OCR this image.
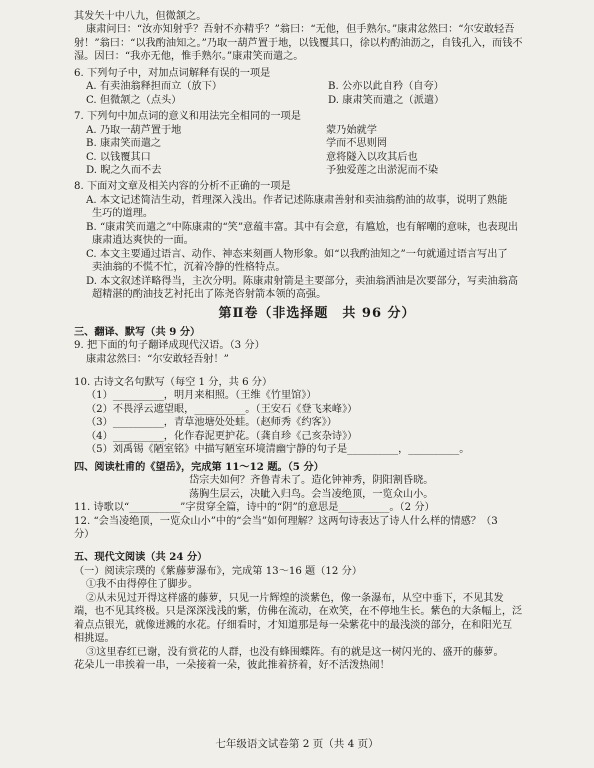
其发矢十中八九，但微颔之。

康肃问曰：“汝亦知射乎？吾射不亦精乎？”翁曰：“无他，但手熟尔。”康肃忿然曰：“尔安敢轻吾

射！”翁曰：“以我酌油知之。”乃取一葫芦置于地，以钱覆其口，徐以杓酌油沥之，自钱孔入，而钱不

湿。因曰：“我亦无他，惟手熟尔。”康肃笑而遣之。

6. 下列句子中，对加点词解释有误的一项是

A. 有卖油翁释担而立（放下）	B. 公亦以此自矜（自夸）
C. 但微颔之（点头）	D. 康肃笑而遣之（派遣）

7. 下列句中加点词的意义和用法完全相同的一项是

A. 乃取一葫芦置于地	蒙乃始就学
B. 康肃笑而遣之	学而不思则罔
C. 以钱覆其口	意将隧入以攻其后也
D. 睨之久而不去	予独爱莲之出淤泥而不染

8. 下面对文章及相关内容的分析不正确的一项是

A. 本文记述简洁生动，哲理深入浅出。作者记述陈康肃善射和卖油翁酌油的故事，说明了熟能

生巧的道理。

B. “康肃笑而遣之”中陈康肃的“笑”意蕴丰富。其中有会意，有尴尬，也有解嘲的意味，也表现出

康肃逍达爽快的一面。

C. 本文主要通过语言、动作、神态来刻画人物形象。如“以我酌油知之”一句就通过语言写出了

卖油翁的不慌不忙，沉着冷静的性格特点。

D. 本文叙述详略得当，主次分明。陈康肃射箭是主要部分，卖油翁洒油是次要部分，写卖油翁高

超精湛的酌油技艺衬托出了陈尧咨射箭本领的高强。

第Ⅱ卷（非选择题　共 96 分）

三、翻译、默写（共 9 分）

9. 把下面的句子翻译成现代汉语。（3 分）

康肃忿然曰：“尔安敢轻吾射！”

10. 古诗文名句默写（每空 1 分，共 6 分）

（1）__________，明月来相照。（王维《竹里馆》）

（2）不畏浮云遮望眼，__________。（王安石《登飞来峰》）

（3）__________，青草池塘处处蛙。（赵师秀《约客》）

（4）__________，化作春泥更护花。（龚自珍《己亥杂诗》）

（5）刘禹锡《陋室铭》中描写陋室环境清幽宁静的句子是__________，__________。

四、阅读杜甫的《望岳》，完成第 11～12 题。（5 分）

岱宗夫如何？齐鲁青未了。造化钟神秀，阴阳割昏晓。

荡胸生层云，决眦入归鸟。会当凌绝顶，一览众山小。

11. 诗歌以“__________”字贯穿全篇，诗中的“阴”的意思是__________。（2 分）

12. “会当凌绝顶，一览众山小”中的“会当”如何理解？这两句诗表达了诗人什么样的情感？（3

分）

五、现代文阅读（共 24 分）

（一）阅读宗璞的《紫藤萝瀑布》，完成第 13～16 题（12 分）

①我不由得停住了脚步。

②从未见过开得这样盛的藤萝，只见一片辉煌的淡紫色，像一条瀑布，从空中垂下，不见其发

端，也不见其终极。只是深深浅浅的紫，仿佛在流动，在欢笑，在不停地生长。紫色的大条幅上，泛

着点点银光，就像迸溅的水花。仔细看时，才知道那是每一朵紫花中的最浅淡的部分，在和阳光互

相挑逗。

③这里春红已谢，没有赏花的人群，也没有蜂围蝶阵。有的就是这一树闪光的、盛开的藤萝。

花朵儿一串挨着一串，一朵接着一朵，彼此推着挤着，好不活泼热闹！

七年级语文试卷第 2 页（共 4 页）
